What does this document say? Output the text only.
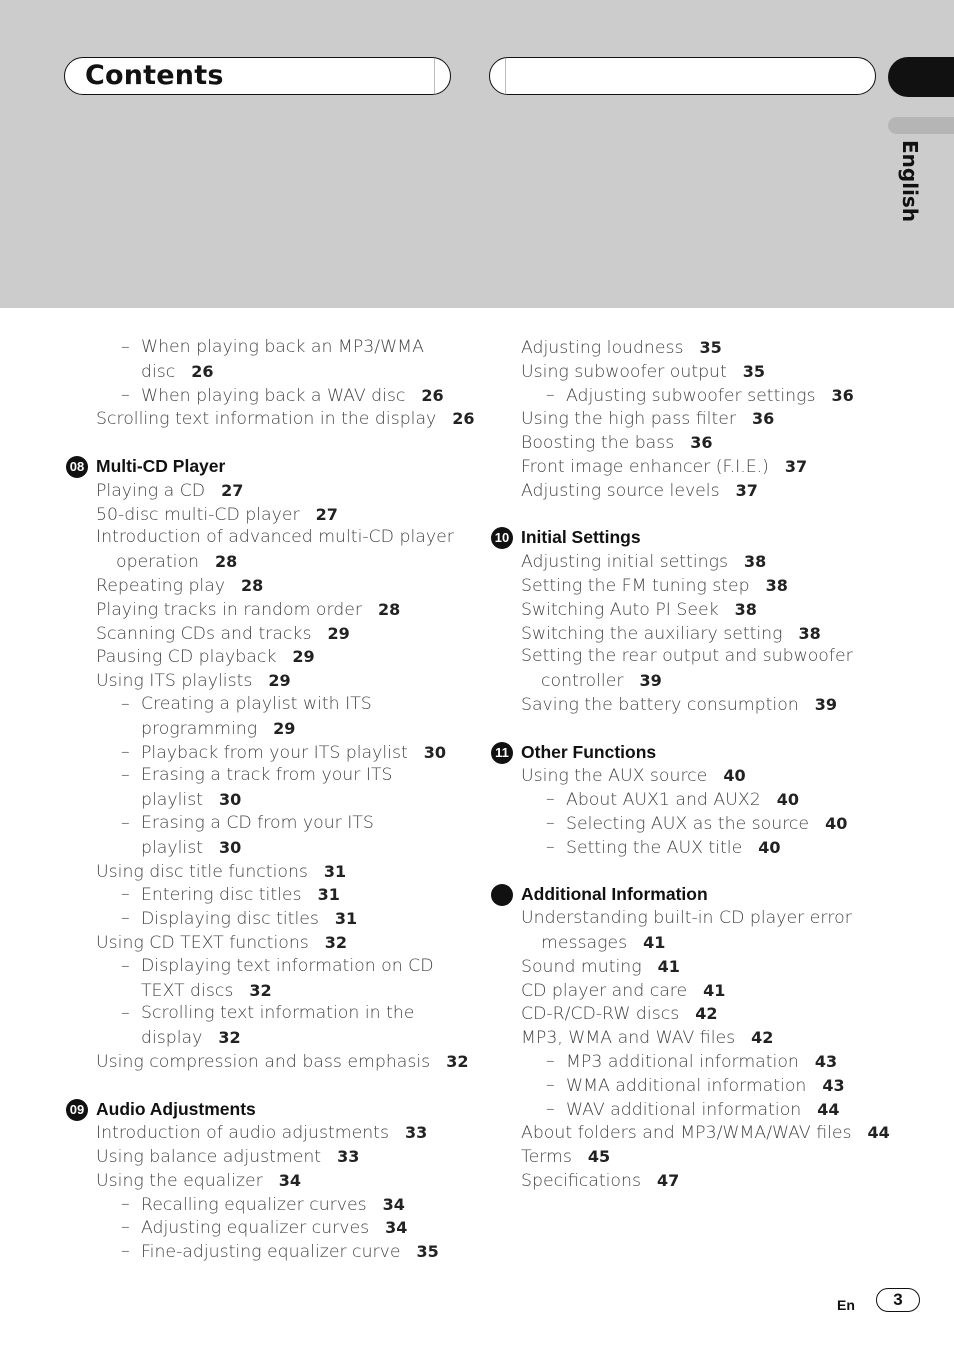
Contents
English
– When playing back an MP3/WMA
disc 26
– When playing back a WAV disc 26
Scrolling text information in the display 26
08 Multi-CD Player
Playing a CD 27
50-disc multi-CD player 27
Introduction of advanced multi-CD player
operation 28
Repeating play 28
Playing tracks in random order 28
Scanning CDs and tracks 29
Pausing CD playback 29
Using ITS playlists 29
– Creating a playlist with ITS
programming 29
– Playback from your ITS playlist 30
– Erasing a track from your ITS
playlist 30
– Erasing a CD from your ITS
playlist 30
Using disc title functions 31
– Entering disc titles 31
– Displaying disc titles 31
Using CD TEXT functions 32
– Displaying text information on CD
TEXT discs 32
– Scrolling text information in the
display 32
Using compression and bass emphasis 32
09 Audio Adjustments
Introduction of audio adjustments 33
Using balance adjustment 33
Using the equalizer 34
– Recalling equalizer curves 34
– Adjusting equalizer curves 34
– Fine-adjusting equalizer curve 35
Adjusting loudness 35
Using subwoofer output 35
– Adjusting subwoofer settings 36
Using the high pass filter 36
Boosting the bass 36
Front image enhancer (F.I.E.) 37
Adjusting source levels 37
10 Initial Settings
Adjusting initial settings 38
Setting the FM tuning step 38
Switching Auto PI Seek 38
Switching the auxiliary setting 38
Setting the rear output and subwoofer
controller 39
Saving the battery consumption 39
11 Other Functions
Using the AUX source 40
– About AUX1 and AUX2 40
– Selecting AUX as the source 40
– Setting the AUX title 40
Additional Information
Understanding built-in CD player error
messages 41
Sound muting 41
CD player and care 41
CD-R/CD-RW discs 42
MP3, WMA and WAV files 42
– MP3 additional information 43
– WMA additional information 43
– WAV additional information 44
About folders and MP3/WMA/WAV files 44
Terms 45
Specifications 47
En	3
